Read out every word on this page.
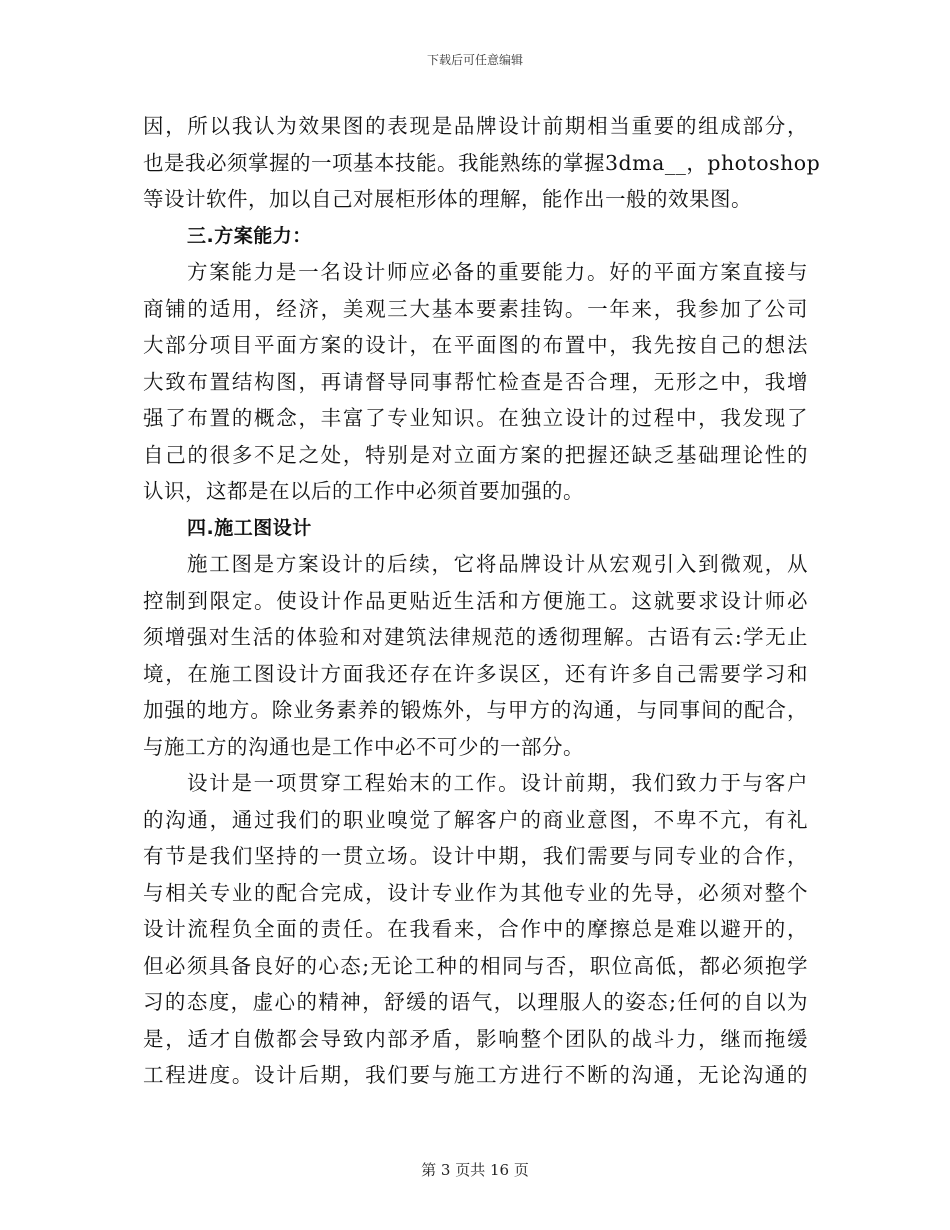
下载后可任意编辑
因，所以我认为效果图的表现是品牌设计前期相当重要的组成部分，
也是我必须掌握的一项基本技能。我能熟练的掌握3dma__，photoshop
等设计软件，加以自己对展柜形体的理解，能作出一般的效果图。
三.方案能力：
方案能力是一名设计师应必备的重要能力。好的平面方案直接与
商铺的适用，经济，美观三大基本要素挂钩。一年来，我参加了公司
大部分项目平面方案的设计，在平面图的布置中，我先按自己的想法
大致布置结构图，再请督导同事帮忙检查是否合理，无形之中，我增
强了布置的概念，丰富了专业知识。在独立设计的过程中，我发现了
自己的很多不足之处，特别是对立面方案的把握还缺乏基础理论性的
认识，这都是在以后的工作中必须首要加强的。
四.施工图设计
施工图是方案设计的后续，它将品牌设计从宏观引入到微观，从
控制到限定。使设计作品更贴近生活和方便施工。这就要求设计师必
须增强对生活的体验和对建筑法律规范的透彻理解。古语有云:学无止
境，在施工图设计方面我还存在许多误区，还有许多自己需要学习和
加强的地方。除业务素养的锻炼外，与甲方的沟通，与同事间的配合，
与施工方的沟通也是工作中必不可少的一部分。
设计是一项贯穿工程始末的工作。设计前期，我们致力于与客户
的沟通，通过我们的职业嗅觉了解客户的商业意图，不卑不亢，有礼
有节是我们坚持的一贯立场。设计中期，我们需要与同专业的合作，
与相关专业的配合完成，设计专业作为其他专业的先导，必须对整个
设计流程负全面的责任。在我看来，合作中的摩擦总是难以避开的，
但必须具备良好的心态;无论工种的相同与否，职位高低，都必须抱学
习的态度，虚心的精神，舒缓的语气，以理服人的姿态;任何的自以为
是，适才自傲都会导致内部矛盾，影响整个团队的战斗力，继而拖缓
工程进度。设计后期，我们要与施工方进行不断的沟通，无论沟通的
第 3 页共 16 页
